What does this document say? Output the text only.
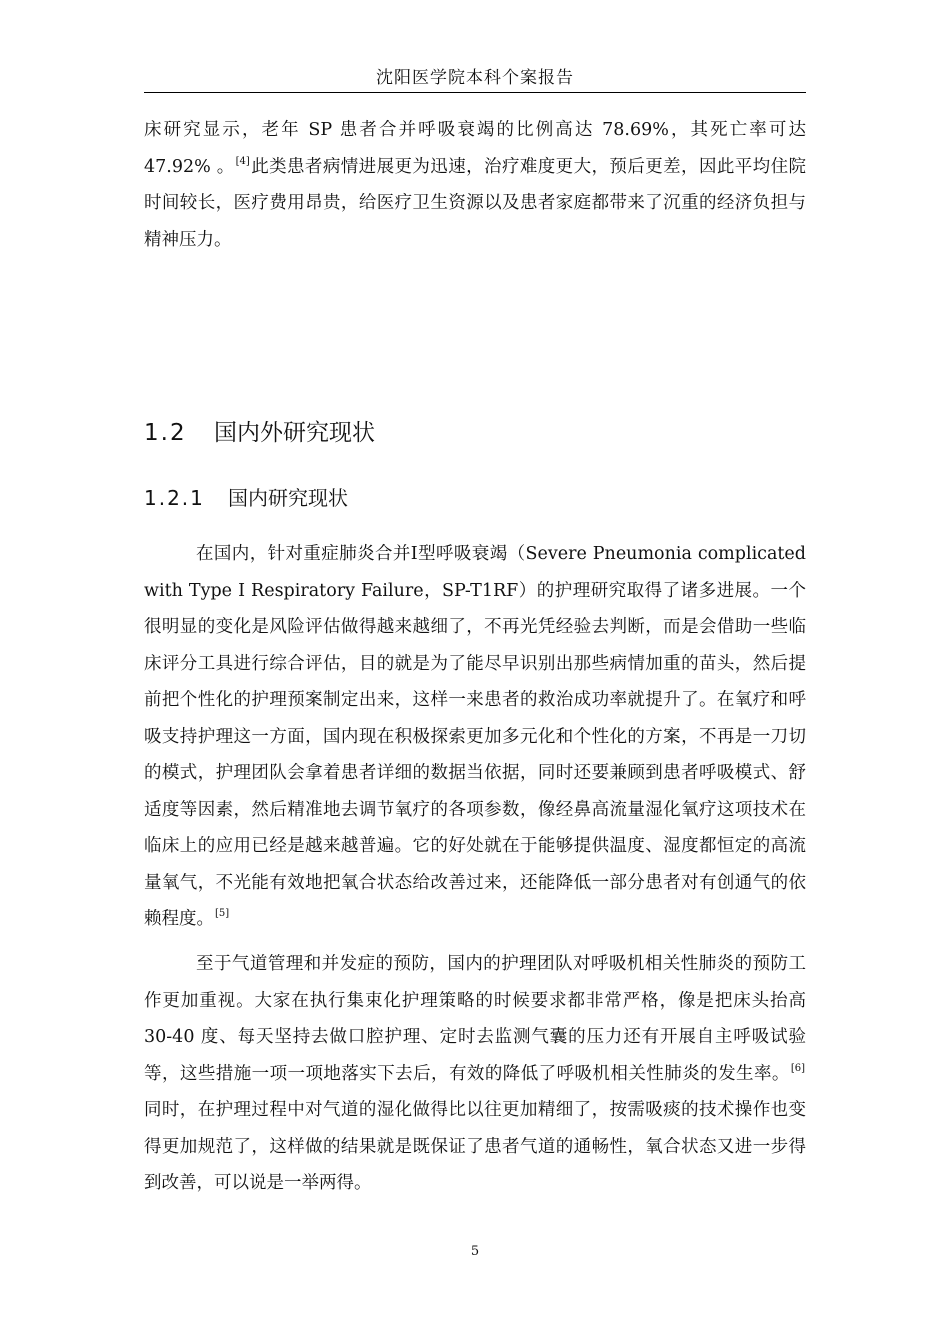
沈阳医学院本科个案报告

床研究显示，老年 SP 患者合并呼吸衰竭的比例高达 78.69%，其死亡率可达 47.92% 。[4]此类患者病情进展更为迅速，治疗难度更大，预后更差，因此平均住院时间较长，医疗费用昂贵，给医疗卫生资源以及患者家庭都带来了沉重的经济负担与精神压力。

1.2 国内外研究现状
1.2.1 国内研究现状

在国内，针对重症肺炎合并Ⅰ型呼吸衰竭（Severe Pneumonia complicated with Type I Respiratory Failure，SP-T1RF）的护理研究取得了诸多进展。一个很明显的变化是风险评估做得越来越细了，不再光凭经验去判断，而是会借助一些临床评分工具进行综合评估，目的就是为了能尽早识别出那些病情加重的苗头，然后提前把个性化的护理预案制定出来，这样一来患者的救治成功率就提升了。在氧疗和呼吸支持护理这一方面，国内现在积极探索更加多元化和个性化的方案，不再是一刀切的模式，护理团队会拿着患者详细的数据当依据，同时还要兼顾到患者呼吸模式、舒适度等因素，然后精准地去调节氧疗的各项参数，像经鼻高流量湿化氧疗这项技术在临床上的应用已经是越来越普遍。它的好处就在于能够提供温度、湿度都恒定的高流量氧气，不光能有效地把氧合状态给改善过来，还能降低一部分患者对有创通气的依赖程度。[5]

至于气道管理和并发症的预防，国内的护理团队对呼吸机相关性肺炎的预防工作更加重视。大家在执行集束化护理策略的时候要求都非常严格，像是把床头抬高 30-40 度、每天坚持去做口腔护理、定时去监测气囊的压力还有开展自主呼吸试验等，这些措施一项一项地落实下去后，有效的降低了呼吸机相关性肺炎的发生率。[6]同时，在护理过程中对气道的湿化做得比以往更加精细了，按需吸痰的技术操作也变得更加规范了，这样做的结果就是既保证了患者气道的通畅性，氧合状态又进一步得到改善，可以说是一举两得。

5
